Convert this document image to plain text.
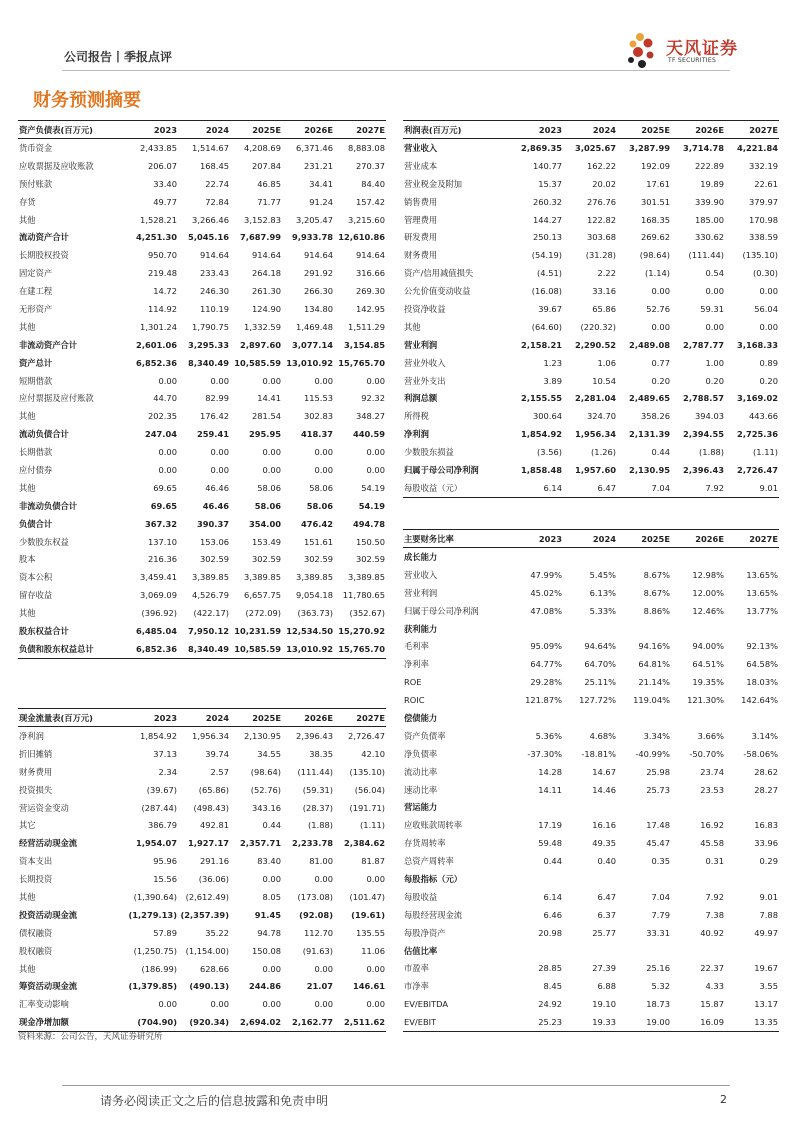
公司报告丨季报点评	天风证券
TF SECURITIES
财务预测摘要
资产负债表(百万元)	2023	2024	2025E	2026E	2027E
货币资金	2,433.85	1,514.67	4,208.69	6,371.46	8,883.08
应收票据及应收账款	206.07	168.45	207.84	231.21	270.37
预付账款	33.40	22.74	46.85	34.41	84.40
存货	49.77	72.84	71.77	91.24	157.42
其他	1,528.21	3,266.46	3,152.83	3,205.47	3,215.60
流动资产合计	4,251.30	5,045.16	7,687.99	9,933.78	12,610.86
长期股权投资	950.70	914.64	914.64	914.64	914.64
固定资产	219.48	233.43	264.18	291.92	316.66
在建工程	14.72	246.30	261.30	266.30	269.30
无形资产	114.92	110.19	124.90	134.80	142.95
其他	1,301.24	1,790.75	1,332.59	1,469.48	1,511.29
非流动资产合计	2,601.06	3,295.33	2,897.60	3,077.14	3,154.85
资产总计	6,852.36	8,340.49	10,585.59	13,010.92	15,765.70
短期借款	0.00	0.00	0.00	0.00	0.00
应付票据及应付账款	44.70	82.99	14.41	115.53	92.32
其他	202.35	176.42	281.54	302.83	348.27
流动负债合计	247.04	259.41	295.95	418.37	440.59
长期借款	0.00	0.00	0.00	0.00	0.00
应付债券	0.00	0.00	0.00	0.00	0.00
其他	69.65	46.46	58.06	58.06	54.19
非流动负债合计	69.65	46.46	58.06	58.06	54.19
负债合计	367.32	390.37	354.00	476.42	494.78
少数股东权益	137.10	153.06	153.49	151.61	150.50
股本	216.36	302.59	302.59	302.59	302.59
资本公积	3,459.41	3,389.85	3,389.85	3,389.85	3,389.85
留存收益	3,069.09	4,526.79	6,657.75	9,054.18	11,780.65
其他	(396.92)	(422.17)	(272.09)	(363.73)	(352.67)
股东权益合计	6,485.04	7,950.12	10,231.59	12,534.50	15,270.92
负债和股东权益总计	6,852.36	8,340.49	10,585.59	13,010.92	15,765.70
利润表(百万元)	2023	2024	2025E	2026E	2027E
营业收入	2,869.35	3,025.67	3,287.99	3,714.78	4,221.84
营业成本	140.77	162.22	192.09	222.89	332.19
营业税金及附加	15.37	20.02	17.61	19.89	22.61
销售费用	260.32	276.76	301.51	339.90	379.97
管理费用	144.27	122.82	168.35	185.00	170.98
研发费用	250.13	303.68	269.62	330.62	338.59
财务费用	(54.19)	(31.28)	(98.64)	(111.44)	(135.10)
资产/信用减值损失	(4.51)	2.22	(1.14)	0.54	(0.30)
公允价值变动收益	(16.08)	33.16	0.00	0.00	0.00
投资净收益	39.67	65.86	52.76	59.31	56.04
其他	(64.60)	(220.32)	0.00	0.00	0.00
营业利润	2,158.21	2,290.52	2,489.08	2,787.77	3,168.33
营业外收入	1.23	1.06	0.77	1.00	0.89
营业外支出	3.89	10.54	0.20	0.20	0.20
利润总额	2,155.55	2,281.04	2,489.65	2,788.57	3,169.02
所得税	300.64	324.70	358.26	394.03	443.66
净利润	1,854.92	1,956.34	2,131.39	2,394.55	2,725.36
少数股东损益	(3.56)	(1.26)	0.44	(1.88)	(1.11)
归属于母公司净利润	1,858.48	1,957.60	2,130.95	2,396.43	2,726.47
每股收益（元）	6.14	6.47	7.04	7.92	9.01
主要财务比率	2023	2024	2025E	2026E	2027E
成长能力					
营业收入	47.99%	5.45%	8.67%	12.98%	13.65%
营业利润	45.02%	6.13%	8.67%	12.00%	13.65%
归属于母公司净利润	47.08%	5.33%	8.86%	12.46%	13.77%
获利能力					
毛利率	95.09%	94.64%	94.16%	94.00%	92.13%
净利率	64.77%	64.70%	64.81%	64.51%	64.58%
ROE	29.28%	25.11%	21.14%	19.35%	18.03%
ROIC	121.87%	127.72%	119.04%	121.30%	142.64%
偿债能力					
资产负债率	5.36%	4.68%	3.34%	3.66%	3.14%
净负债率	-37.30%	-18.81%	-40.99%	-50.70%	-58.06%
流动比率	14.28	14.67	25.98	23.74	28.62
速动比率	14.11	14.46	25.73	23.53	28.27
营运能力					
应收账款周转率	17.19	16.16	17.48	16.92	16.83
存货周转率	59.48	49.35	45.47	45.58	33.96
总资产周转率	0.44	0.40	0.35	0.31	0.29
每股指标（元）					
每股收益	6.14	6.47	7.04	7.92	9.01
每股经营现金流	6.46	6.37	7.79	7.38	7.88
每股净资产	20.98	25.77	33.31	40.92	49.97
估值比率					
市盈率	28.85	27.39	25.16	22.37	19.67
市净率	8.45	6.88	5.32	4.33	3.55
EV/EBITDA	24.92	19.10	18.73	15.87	13.17
EV/EBIT	25.23	19.33	19.00	16.09	13.35
现金流量表(百万元)	2023	2024	2025E	2026E	2027E
净利润	1,854.92	1,956.34	2,130.95	2,396.43	2,726.47
折旧摊销	37.13	39.74	34.55	38.35	42.10
财务费用	2.34	2.57	(98.64)	(111.44)	(135.10)
投资损失	(39.67)	(65.86)	(52.76)	(59.31)	(56.04)
营运资金变动	(287.44)	(498.43)	343.16	(28.37)	(191.71)
其它	386.79	492.81	0.44	(1.88)	(1.11)
经营活动现金流	1,954.07	1,927.17	2,357.71	2,233.78	2,384.62
资本支出	95.96	291.16	83.40	81.00	81.87
长期投资	15.56	(36.06)	0.00	0.00	0.00
其他	(1,390.64)	(2,612.49)	8.05	(173.08)	(101.47)
投资活动现金流	(1,279.13)	(2,357.39)	91.45	(92.08)	(19.61)
债权融资	57.89	35.22	94.78	112.70	135.55
股权融资	(1,250.75)	(1,154.00)	150.08	(91.63)	11.06
其他	(186.99)	628.66	0.00	0.00	0.00
筹资活动现金流	(1,379.85)	(490.13)	244.86	21.07	146.61
汇率变动影响	0.00	0.00	0.00	0.00	0.00
现金净增加额	(704.90)	(920.34)	2,694.02	2,162.77	2,511.62
资料来源：公司公告，天风证券研究所
请务必阅读正文之后的信息披露和免责申明	2
